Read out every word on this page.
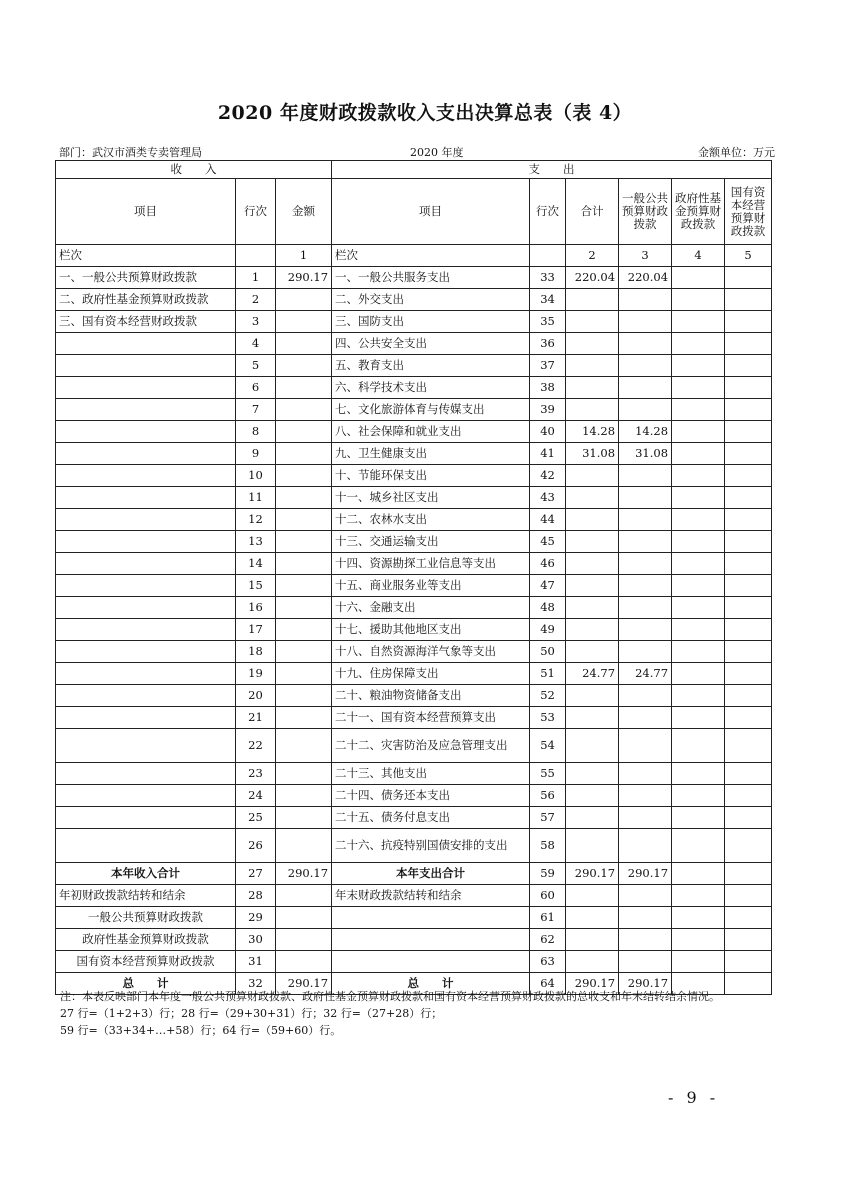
2020 年度财政拨款收入支出决算总表（表 4）
部门：武汉市酒类专卖管理局	2020 年度	金额单位：万元
收　　入			支　　出					
项目	行次	金额	项目	行次	合计	一般公共预算财政拨款	政府性基金预算财政拨款	国有资本经营预算财政拨款
栏次		1	栏次		2	3	4	5
一、一般公共预算财政拨款	1	290.17	一、一般公共服务支出	33	220.04	220.04		
二、政府性基金预算财政拨款	2		二、外交支出	34				
三、国有资本经营财政拨款	3		三、国防支出	35				
	4		四、公共安全支出	36				
	5		五、教育支出	37				
	6		六、科学技术支出	38				
	7		七、文化旅游体育与传媒支出	39				
	8		八、社会保障和就业支出	40	14.28	14.28		
	9		九、卫生健康支出	41	31.08	31.08		
	10		十、节能环保支出	42				
	11		十一、城乡社区支出	43				
	12		十二、农林水支出	44				
	13		十三、交通运输支出	45				
	14		十四、资源勘探工业信息等支出	46				
	15		十五、商业服务业等支出	47				
	16		十六、金融支出	48				
	17		十七、援助其他地区支出	49				
	18		十八、自然资源海洋气象等支出	50				
	19		十九、住房保障支出	51	24.77	24.77		
	20		二十、粮油物资储备支出	52				
	21		二十一、国有资本经营预算支出	53				
	22		二十二、灾害防治及应急管理支出	54				
	23		二十三、其他支出	55				
	24		二十四、债务还本支出	56				
	25		二十五、债务付息支出	57				
	26		二十六、抗疫特别国债安排的支出	58				
本年收入合计	27	290.17	本年支出合计	59	290.17	290.17		
年初财政拨款结转和结余	28		年末财政拨款结转和结余	60				
一般公共预算财政拨款	29			61				
政府性基金预算财政拨款	30			62				
国有资本经营预算财政拨款	31			63				
总　　计	32	290.17	总　　计	64	290.17	290.17		

注：本表反映部门本年度一般公共预算财政拨款、政府性基金预算财政拨款和国有资本经营预算财政拨款的总收支和年末结转结余情况。

27 行=（1+2+3）行；28 行=（29+30+31）行；32 行=（27+28）行；

59 行=（33+34+…+58）行；64 行=（59+60）行。

- 9 -
